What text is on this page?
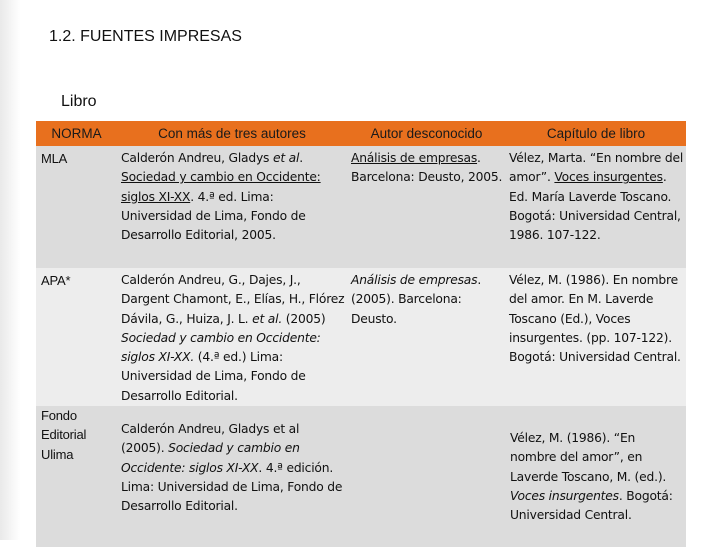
1.2. FUENTES IMPRESAS
Libro
NORMA	Con más de tres autores	Autor desconocido	Capítulo de libro
MLA	Calderón Andreu, Gladys et al. Sociedad y cambio en Occidente: siglos XI-XX. 4.ª ed. Lima: Universidad de Lima, Fondo de Desarrollo Editorial, 2005.	Análisis de empresas. Barcelona: Deusto, 2005.	Vélez, Marta. “En nombre del amor”. Voces insurgentes. Ed. María Laverde Toscano. Bogotá: Universidad Central, 1986. 107-122.
APA*	Calderón Andreu, G., Dajes, J., Dargent Chamont, E., Elías, H., Flórez Dávila, G., Huiza, J. L. et al. (2005) Sociedad y cambio en Occidente: siglos XI-XX. (4.ª ed.) Lima: Universidad de Lima, Fondo de Desarrollo Editorial.	Análisis de empresas. (2005). Barcelona: Deusto.	Vélez, M. (1986). En nombre del amor. En M. Laverde Toscano (Ed.), Voces insurgentes. (pp. 107-122). Bogotá: Universidad Central.
Fondo Editorial Ulima	Calderón Andreu, Gladys et al (2005). Sociedad y cambio en Occidente: siglos XI-XX. 4.ª edición. Lima: Universidad de Lima, Fondo de Desarrollo Editorial.		Vélez, M. (1986). “En nombre del amor”, en Laverde Toscano, M. (ed.). Voces insurgentes. Bogotá: Universidad Central.
